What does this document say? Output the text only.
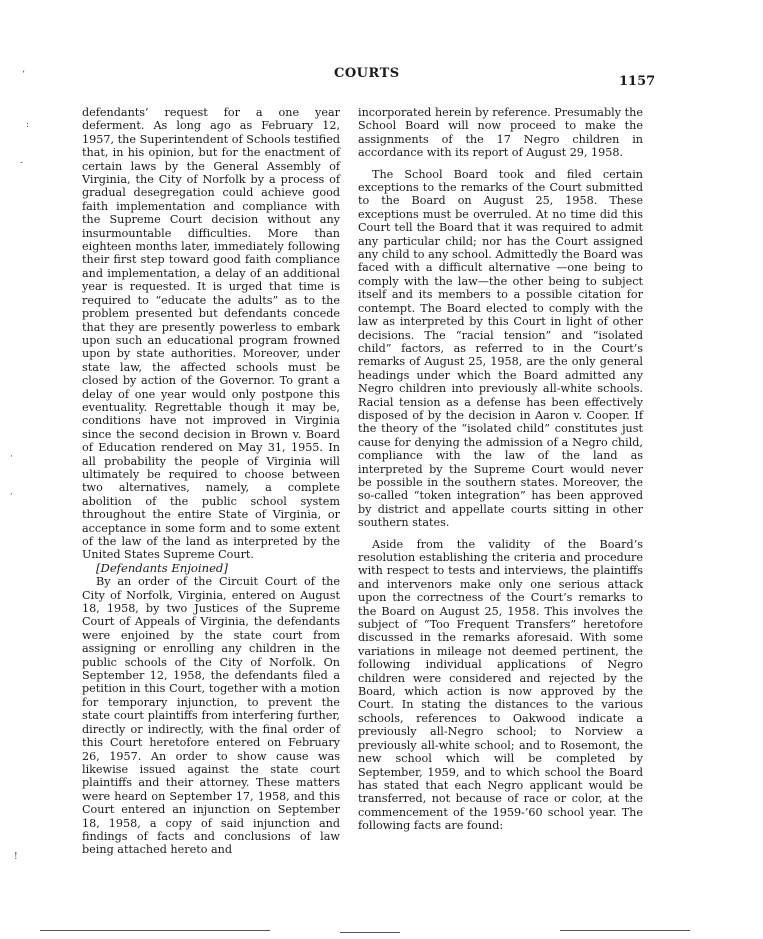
COURTS
1157
‘
:
-
·
·
!

defendants’ request for a one year deferment. As long ago as February 12, 1957, the Superintendent of Schools testified that, in his opinion, but for the enactment of certain laws by the General Assembly of Virginia, the City of Norfolk by a process of gradual desegregation could achieve good faith implementation and compliance with the Supreme Court decision without any insurmountable difficulties. More than eighteen months later, immediately following their first step toward good faith compliance and implementation, a delay of an additional year is requested. It is urged that time is required to “educate the adults” as to the problem presented but defendants concede that they are presently powerless to embark upon such an educational program frowned upon by state authorities. Moreover, under state law, the affected schools must be closed by action of the Governor. To grant a delay of one year would only postpone this eventuality. Regrettable though it may be, conditions have not improved in Virginia since the second decision in Brown v. Board of Education rendered on May 31, 1955. In all probability the people of Virginia will ultimately be required to choose between two alternatives, namely, a complete abolition of the public school system throughout the entire State of Virginia, or acceptance in some form and to some extent of the law of the land as interpreted by the United States Supreme Court.

[Defendants Enjoined]

By an order of the Circuit Court of the City of Norfolk, Virginia, entered on August 18, 1958, by two Justices of the Supreme Court of Appeals of Virginia, the defendants were enjoined by the state court from assigning or enrolling any children in the public schools of the City of Norfolk. On September 12, 1958, the defendants filed a petition in this Court, together with a motion for temporary injunction, to prevent the state court plaintiffs from interfering further, directly or indirectly, with the final order of this Court heretofore entered on February 26, 1957. An order to show cause was likewise issued against the state court plaintiffs and their attorney. These matters were heard on September 17, 1958, and this Court entered an injunction on September 18, 1958, a copy of said injunction and findings of facts and conclusions of law being attached hereto and

incorporated herein by reference. Presumably the School Board will now proceed to make the assignments of the 17 Negro children in accordance with its report of August 29, 1958.

The School Board took and filed certain exceptions to the remarks of the Court submitted to the Board on August 25, 1958. These exceptions must be overruled. At no time did this Court tell the Board that it was required to admit any particular child; nor has the Court assigned any child to any school. Admittedly the Board was faced with a difficult alternative —one being to comply with the law—the other being to subject itself and its members to a possible citation for contempt. The Board elected to comply with the law as interpreted by this Court in light of other decisions. The “racial tension” and “isolated child” factors, as referred to in the Court’s remarks of August 25, 1958, are the only general headings under which the Board admitted any Negro children into previously all-white schools. Racial tension as a defense has been effectively disposed of by the decision in Aaron v. Cooper. If the theory of the “isolated child” constitutes just cause for denying the admission of a Negro child, compliance with the law of the land as interpreted by the Supreme Court would never be possible in the southern states. Moreover, the so-called “token integration” has been approved by district and appellate courts sitting in other southern states.

Aside from the validity of the Board’s resolution establishing the criteria and procedure with respect to tests and interviews, the plaintiffs and intervenors make only one serious attack upon the correctness of the Court’s remarks to the Board on August 25, 1958. This involves the subject of “Too Frequent Transfers” heretofore discussed in the remarks aforesaid. With some variations in mileage not deemed pertinent, the following individual applications of Negro children were considered and rejected by the Board, which action is now approved by the Court. In stating the distances to the various schools, references to Oakwood indicate a previously all-Negro school; to Norview a previously all-white school; and to Rosemont, the new school which will be completed by September, 1959, and to which school the Board has stated that each Negro applicant would be transferred, not because of race or color, at the commencement of the 1959-’60 school year. The following facts are found:
